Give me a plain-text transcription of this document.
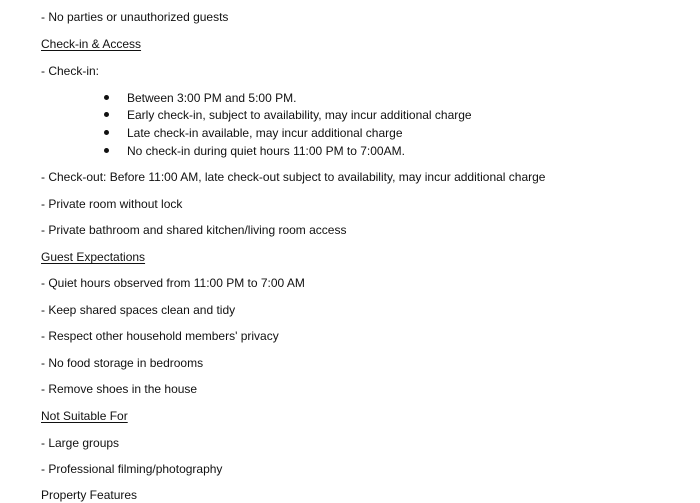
- No parties or unauthorized guests
Check-in & Access
- Check-in:
Between 3:00 PM and 5:00 PM.
Early check-in, subject to availability, may incur additional charge
Late check-in available, may incur additional charge
No check-in during quiet hours 11:00 PM to 7:00AM.
- Check-out: Before 11:00 AM, late check-out subject to availability, may incur additional charge
- Private room without lock
- Private bathroom and shared kitchen/living room access
Guest Expectations
- Quiet hours observed from 11:00 PM to 7:00 AM
- Keep shared spaces clean and tidy
- Respect other household members' privacy
- No food storage in bedrooms
- Remove shoes in the house
Not Suitable For
- Large groups
- Professional filming/photography
Property Features
